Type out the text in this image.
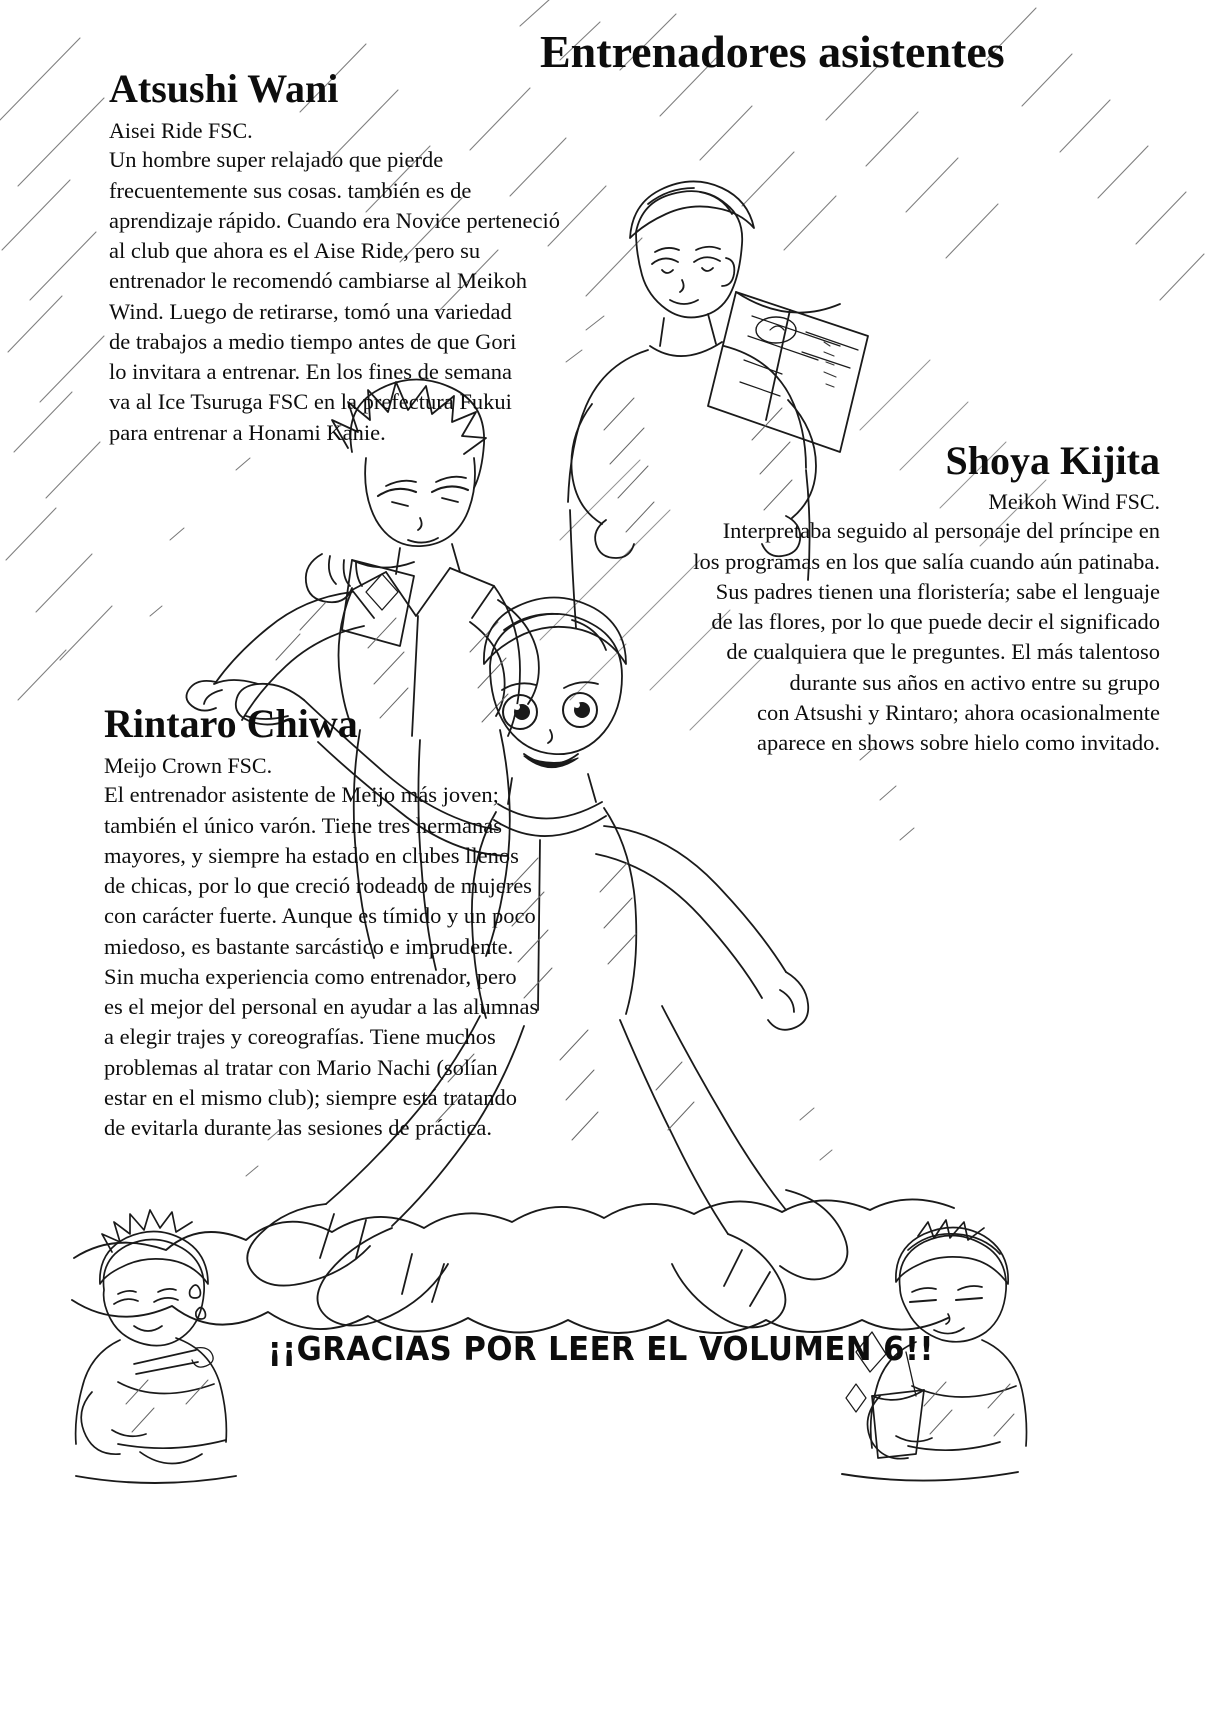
Entrenadores asistentes
Atsushi Wani
Aisei Ride FSC.
Un hombre super relajado que pierde
frecuentemente sus cosas. también es de
aprendizaje rápido. Cuando era Novice perteneció
al club que ahora es el Aise Ride, pero su
entrenador le recomendó cambiarse al Meikoh
Wind. Luego de retirarse, tomó una variedad
de trabajos a medio tiempo antes de que Gori
lo invitara a entrenar. En los fines de semana
va al Ice Tsuruga FSC en la prefectura Fukui
para entrenar a Honami Kanie.
Shoya Kijita
Meikoh Wind FSC.
Interpretaba seguido al personaje del príncipe en
los programas en los que salía cuando aún patinaba.
Sus padres tienen una floristería; sabe el lenguaje
de las flores, por lo que puede decir el significado
de cualquiera que le preguntes. El más talentoso
durante sus años en activo entre su grupo
con Atsushi y Rintaro; ahora ocasionalmente
aparece en shows sobre hielo como invitado.
Rintaro Chiwa
Meijo Crown FSC.
El entrenador asistente de Meijo más joven;
también el único varón. Tiene tres hermanas
mayores, y siempre ha estado en clubes llenos
de chicas, por lo que creció rodeado de mujeres
con carácter fuerte. Aunque es tímido y un poco
miedoso, es bastante sarcástico e imprudente.
Sin mucha experiencia como entrenador, pero
es el mejor del personal en ayudar a las alumnas
a elegir trajes y coreografías. Tiene muchos
problemas al tratar con Mario Nachi (solían
estar en el mismo club); siempre está tratando
de evitarla durante las sesiones de práctica.
¡¡GRACIAS POR LEER EL VOLUMEN 6!!
